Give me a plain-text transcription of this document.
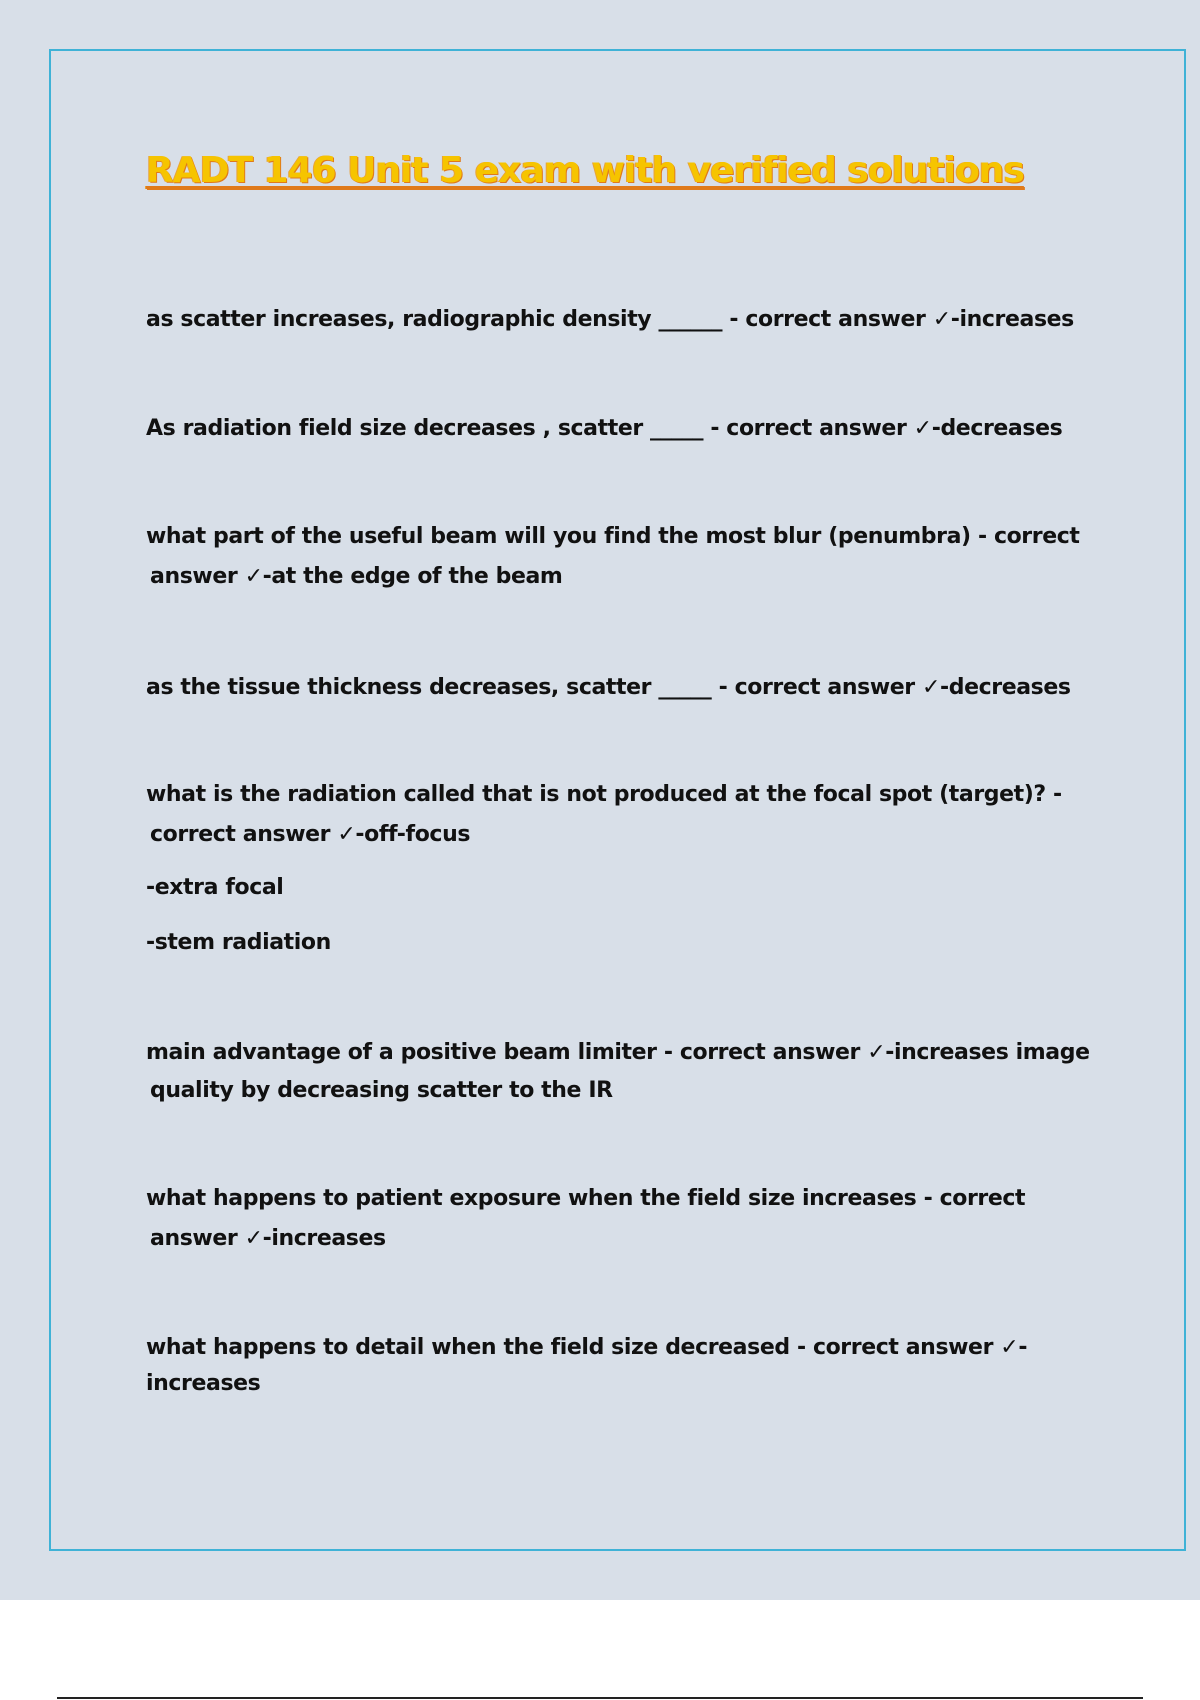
RADT 146 Unit 5 exam with verified solutions
as scatter increases, radiographic density ______ - correct answer ✓-increases
As radiation field size decreases , scatter _____ - correct answer ✓-decreases
what part of the useful beam will you find the most blur (penumbra) - correct
answer ✓-at the edge of the beam
as the tissue thickness decreases, scatter _____ - correct answer ✓-decreases
what is the radiation called that is not produced at the focal spot (target)? -
correct answer ✓-off-focus
-extra focal
-stem radiation
main advantage of a positive beam limiter - correct answer ✓-increases image
quality by decreasing scatter to the IR
what happens to patient exposure when the field size increases - correct
answer ✓-increases
what happens to detail when the field size decreased - correct answer ✓-
increases
